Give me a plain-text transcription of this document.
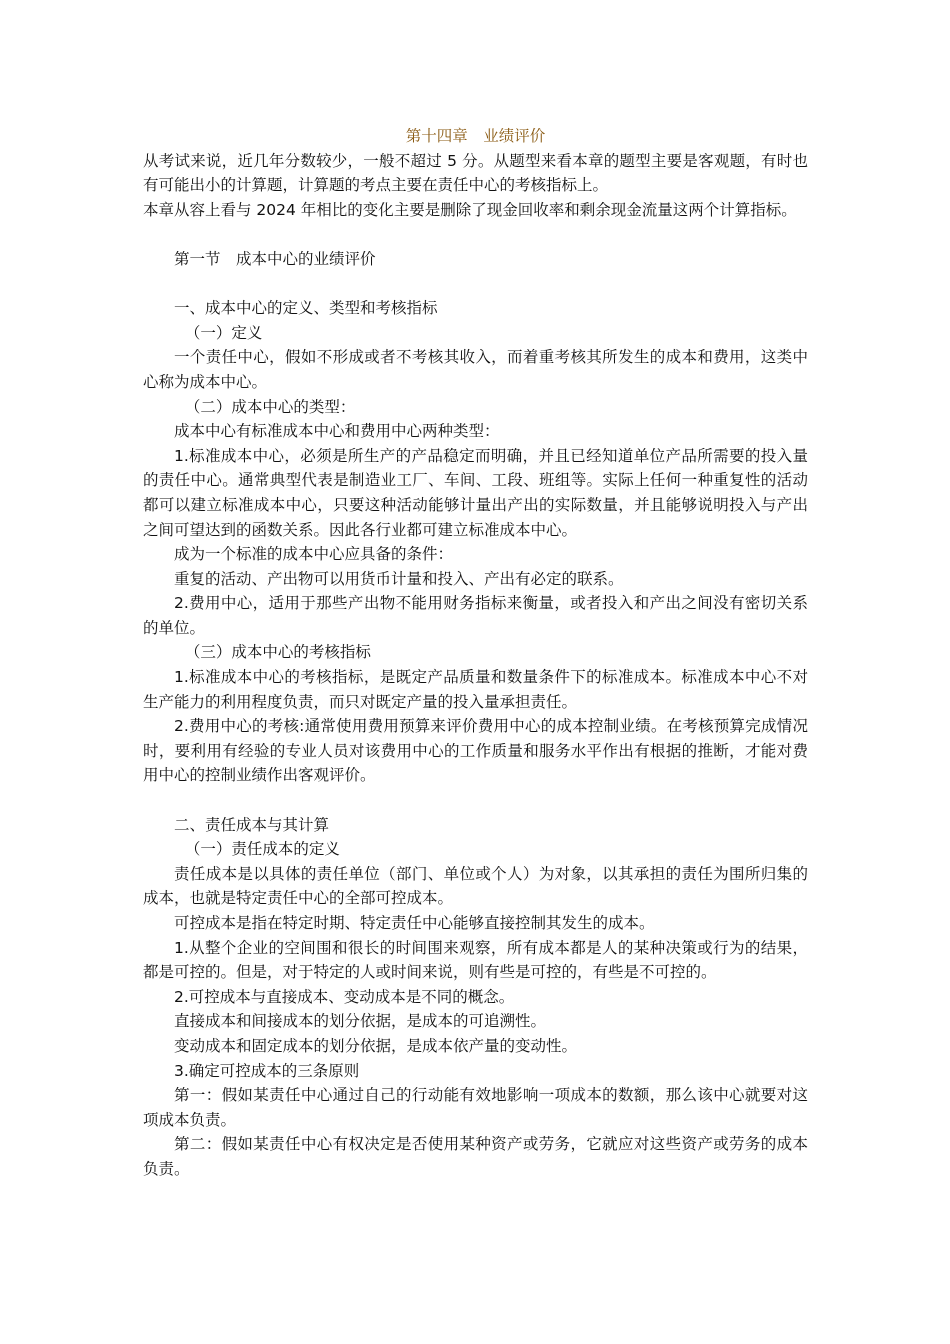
第十四章　业绩评价

从考试来说，近几年分数较少，一般不超过 5 分。从题型来看本章的题型主要是客观题，有时也有可能出小的计算题，计算题的考点主要在责任中心的考核指标上。

本章从容上看与 2024 年相比的变化主要是删除了现金回收率和剩余现金流量这两个计算指标。

第一节　成本中心的业绩评价

一、成本中心的定义、类型和考核指标

（一）定义

一个责任中心，假如不形成或者不考核其收入，而着重考核其所发生的成本和费用，这类中心称为成本中心。

（二）成本中心的类型：

成本中心有标准成本中心和费用中心两种类型：

1.标准成本中心，必须是所生产的产品稳定而明确，并且已经知道单位产品所需要的投入量的责任中心。通常典型代表是制造业工厂、车间、工段、班组等。实际上任何一种重复性的活动都可以建立标准成本中心，只要这种活动能够计量出产出的实际数量，并且能够说明投入与产出之间可望达到的函数关系。因此各行业都可建立标准成本中心。

成为一个标准的成本中心应具备的条件：

重复的活动、产出物可以用货币计量和投入、产出有必定的联系。

2.费用中心，适用于那些产出物不能用财务指标来衡量，或者投入和产出之间没有密切关系的单位。

（三）成本中心的考核指标

1.标准成本中心的考核指标，是既定产品质量和数量条件下的标准成本。标准成本中心不对生产能力的利用程度负责，而只对既定产量的投入量承担责任。

2.费用中心的考核:通常使用费用预算来评价费用中心的成本控制业绩。在考核预算完成情况时，要利用有经验的专业人员对该费用中心的工作质量和服务水平作出有根据的推断，才能对费用中心的控制业绩作出客观评价。

二、责任成本与其计算

（一）责任成本的定义

责任成本是以具体的责任单位（部门、单位或个人）为对象，以其承担的责任为围所归集的成本，也就是特定责任中心的全部可控成本。

可控成本是指在特定时期、特定责任中心能够直接控制其发生的成本。

1.从整个企业的空间围和很长的时间围来观察，所有成本都是人的某种决策或行为的结果，都是可控的。但是，对于特定的人或时间来说，则有些是可控的，有些是不可控的。

2.可控成本与直接成本、变动成本是不同的概念。

直接成本和间接成本的划分依据，是成本的可追溯性。

变动成本和固定成本的划分依据，是成本依产量的变动性。

3.确定可控成本的三条原则

第一：假如某责任中心通过自己的行动能有效地影响一项成本的数额，那么该中心就要对这项成本负责。

第二：假如某责任中心有权决定是否使用某种资产或劳务，它就应对这些资产或劳务的成本负责。
